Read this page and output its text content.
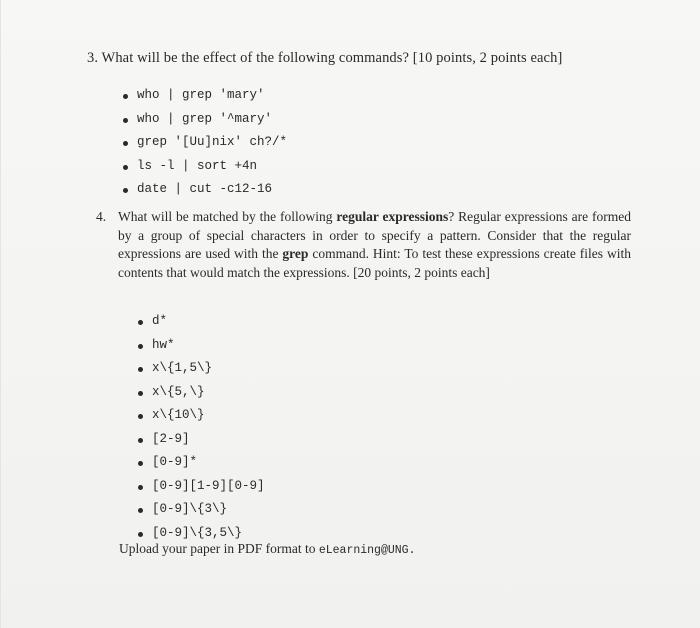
3. What will be the effect of the following commands? [10 points, 2 points each]
who | grep 'mary'
who | grep '^mary'
grep '[Uu]nix' ch?/*
ls -l | sort +4n
date | cut -c12-16
4. What will be matched by the following regular expressions? Regular expressions are formed by a group of special characters in order to specify a pattern. Consider that the regular expressions are used with the grep command. Hint: To test these expressions create files with contents that would match the expressions. [20 points, 2 points each]
d*
hw*
x\{1,5\}
x\{5,\}
x\{10\}
[2-9]
[0-9]*
[0-9][1-9][0-9]
[0-9]\{3\}
[0-9]\{3,5\}
Upload your paper in PDF format to eLearning@UNG.
